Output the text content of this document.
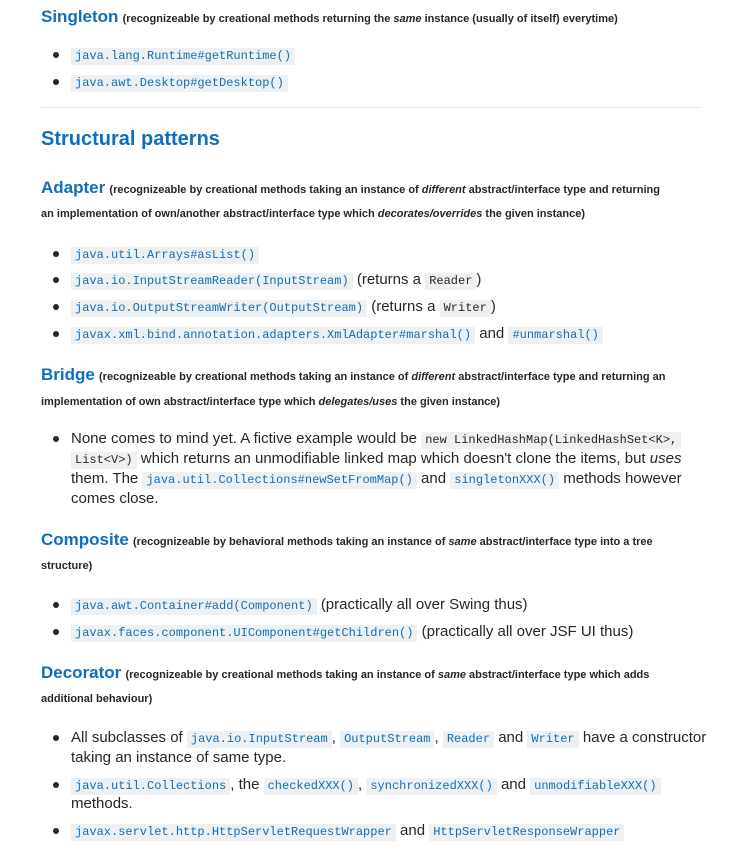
Singleton (recognizeable by creational methods returning the same instance (usually of itself) everytime)
java.lang.Runtime#getRuntime()
java.awt.Desktop#getDesktop()
Structural patterns
Adapter (recognizeable by creational methods taking an instance of different abstract/interface type and returning
an implementation of own/another abstract/interface type which decorates/overrides the given instance)
java.util.Arrays#asList()
java.io.InputStreamReader(InputStream) (returns a Reader )
java.io.OutputStreamWriter(OutputStream) (returns a Writer )
javax.xml.bind.annotation.adapters.XmlAdapter#marshal() and #unmarshal()
Bridge (recognizeable by creational methods taking an instance of different abstract/interface type and returning an
implementation of own abstract/interface type which delegates/uses the given instance)
None comes to mind yet. A fictive example would be new LinkedHashMap(LinkedHashSet<K>,
List<V>) which returns an unmodifiable linked map which doesn't clone the items, but uses
them. The java.util.Collections#newSetFromMap() and singletonXXX() methods however
comes close.
Composite (recognizeable by behavioral methods taking an instance of same abstract/interface type into a tree
structure)
java.awt.Container#add(Component) (practically all over Swing thus)
javax.faces.component.UIComponent#getChildren() (practically all over JSF UI thus)
Decorator (recognizeable by creational methods taking an instance of same abstract/interface type which adds
additional behaviour)
All subclasses of java.io.InputStream , OutputStream , Reader and Writer have a constructor
taking an instance of same type.
java.util.Collections , the checkedXXX() , synchronizedXXX() and unmodifiableXXX()
methods.
javax.servlet.http.HttpServletRequestWrapper and HttpServletResponseWrapper
